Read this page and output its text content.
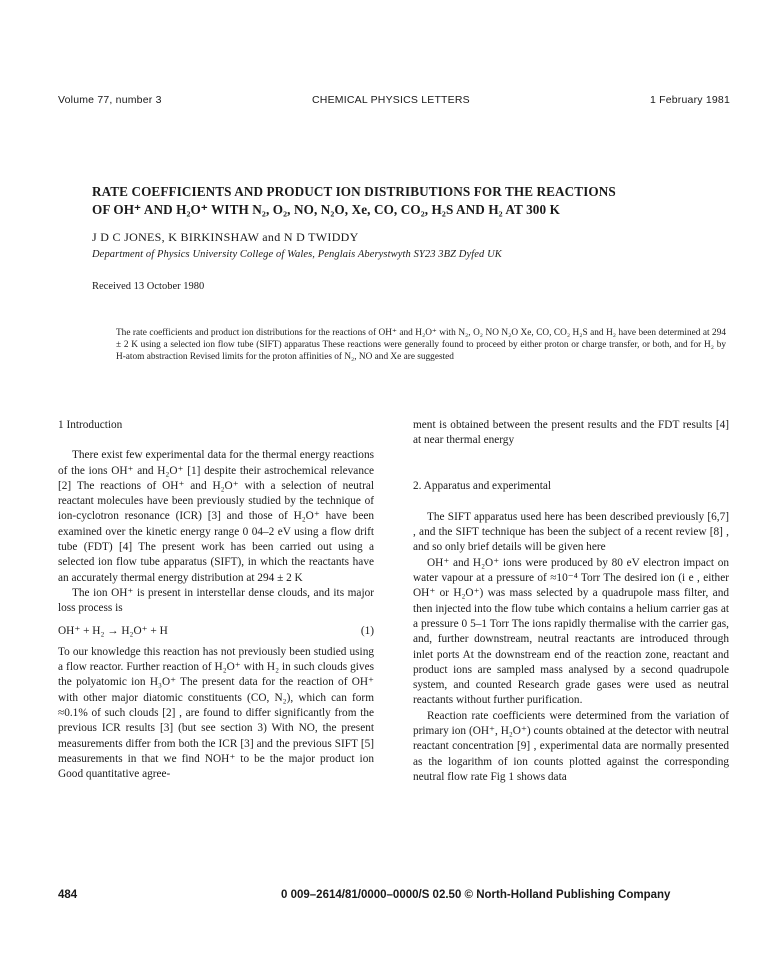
Volume 77, number 3	CHEMICAL PHYSICS LETTERS	1 February 1981
RATE COEFFICIENTS AND PRODUCT ION DISTRIBUTIONS FOR THE REACTIONS
OF OH⁺ AND H₂O⁺ WITH N₂, O₂, NO, N₂O, Xe, CO, CO₂, H₂S AND H₂ AT 300 K
J D C JONES, K BIRKINSHAW and N D TWIDDY
Department of Physics University College of Wales, Penglais Aberystwyth SY23 3BZ Dyfed UK
Received 13 October 1980
The rate coefficients and product ion distributions for the reactions of OH⁺ and H₂O⁺ with N₂, O₂ NO N₂O Xe, CO, CO₂ H₂S and H₂ have been determined at 294 ± 2 K using a selected ion flow tube (SIFT) apparatus These reactions were generally found to proceed by either proton or charge transfer, or both, and for H₂ by H-atom abstraction Revised limits for the proton affinities of N₂, NO and Xe are suggested

1 Introduction

There exist few experimental data for the thermal energy reactions of the ions OH⁺ and H₂O⁺ [1] despite their astrochemical relevance [2] The reactions of OH⁺ and H₂O⁺ with a selection of neutral reactant molecules have been previously studied by the technique of ion-cyclotron resonance (ICR) [3] and those of H₂O⁺ have been examined over the kinetic energy range 0 04–2 eV using a flow drift tube (FDT) [4] The present work has been carried out using a selected ion flow tube apparatus (SIFT), in which the reactants have an accurately thermal energy distribution at 294 ± 2 K

The ion OH⁺ is present in interstellar dense clouds, and its major loss process is

OH⁺ + H₂ → H₂O⁺ + H	(1)

To our knowledge this reaction has not previously been studied using a flow reactor. Further reaction of H₂O⁺ with H₂ in such clouds gives the polyatomic ion H₃O⁺ The present data for the reaction of OH⁺ with other major diatomic constituents (CO, N₂), which can form ≈0.1% of such clouds [2] , are found to differ significantly from the previous ICR results [3] (but see section 3) With NO, the present measurements differ from both the ICR [3] and the previous SIFT [5] measurements in that we find NOH⁺ to be the major product ion Good quantitative agree-

ment is obtained between the present results and the FDT results [4] at near thermal energy

2. Apparatus and experimental

The SIFT apparatus used here has been described previously [6,7] , and the SIFT technique has been the subject of a recent review [8] , and so only brief details will be given here

OH⁺ and H₂O⁺ ions were produced by 80 eV electron impact on water vapour at a pressure of ≈10⁻⁴ Torr The desired ion (i e , either OH⁺ or H₂O⁺) was mass selected by a quadrupole mass filter, and then injected into the flow tube which contains a helium carrier gas at a pressure 0 5–1 Torr The ions rapidly thermalise with the carrier gas, and, further downstream, neutral reactants are introduced through inlet ports At the downstream end of the reaction zone, reactant and product ions are sampled mass analysed by a second quadrupole system, and counted Research grade gases were used as neutral reactants without further purification.

Reaction rate coefficients were determined from the variation of primary ion (OH⁺, H₂O⁺) counts obtained at the detector with neutral reactant concentration [9] , experimental data are normally presented as the logarithm of ion counts plotted against the corresponding neutral flow rate Fig 1 shows data

484	0 009–2614/81/0000–0000/S 02.50 © North-Holland Publishing Company
